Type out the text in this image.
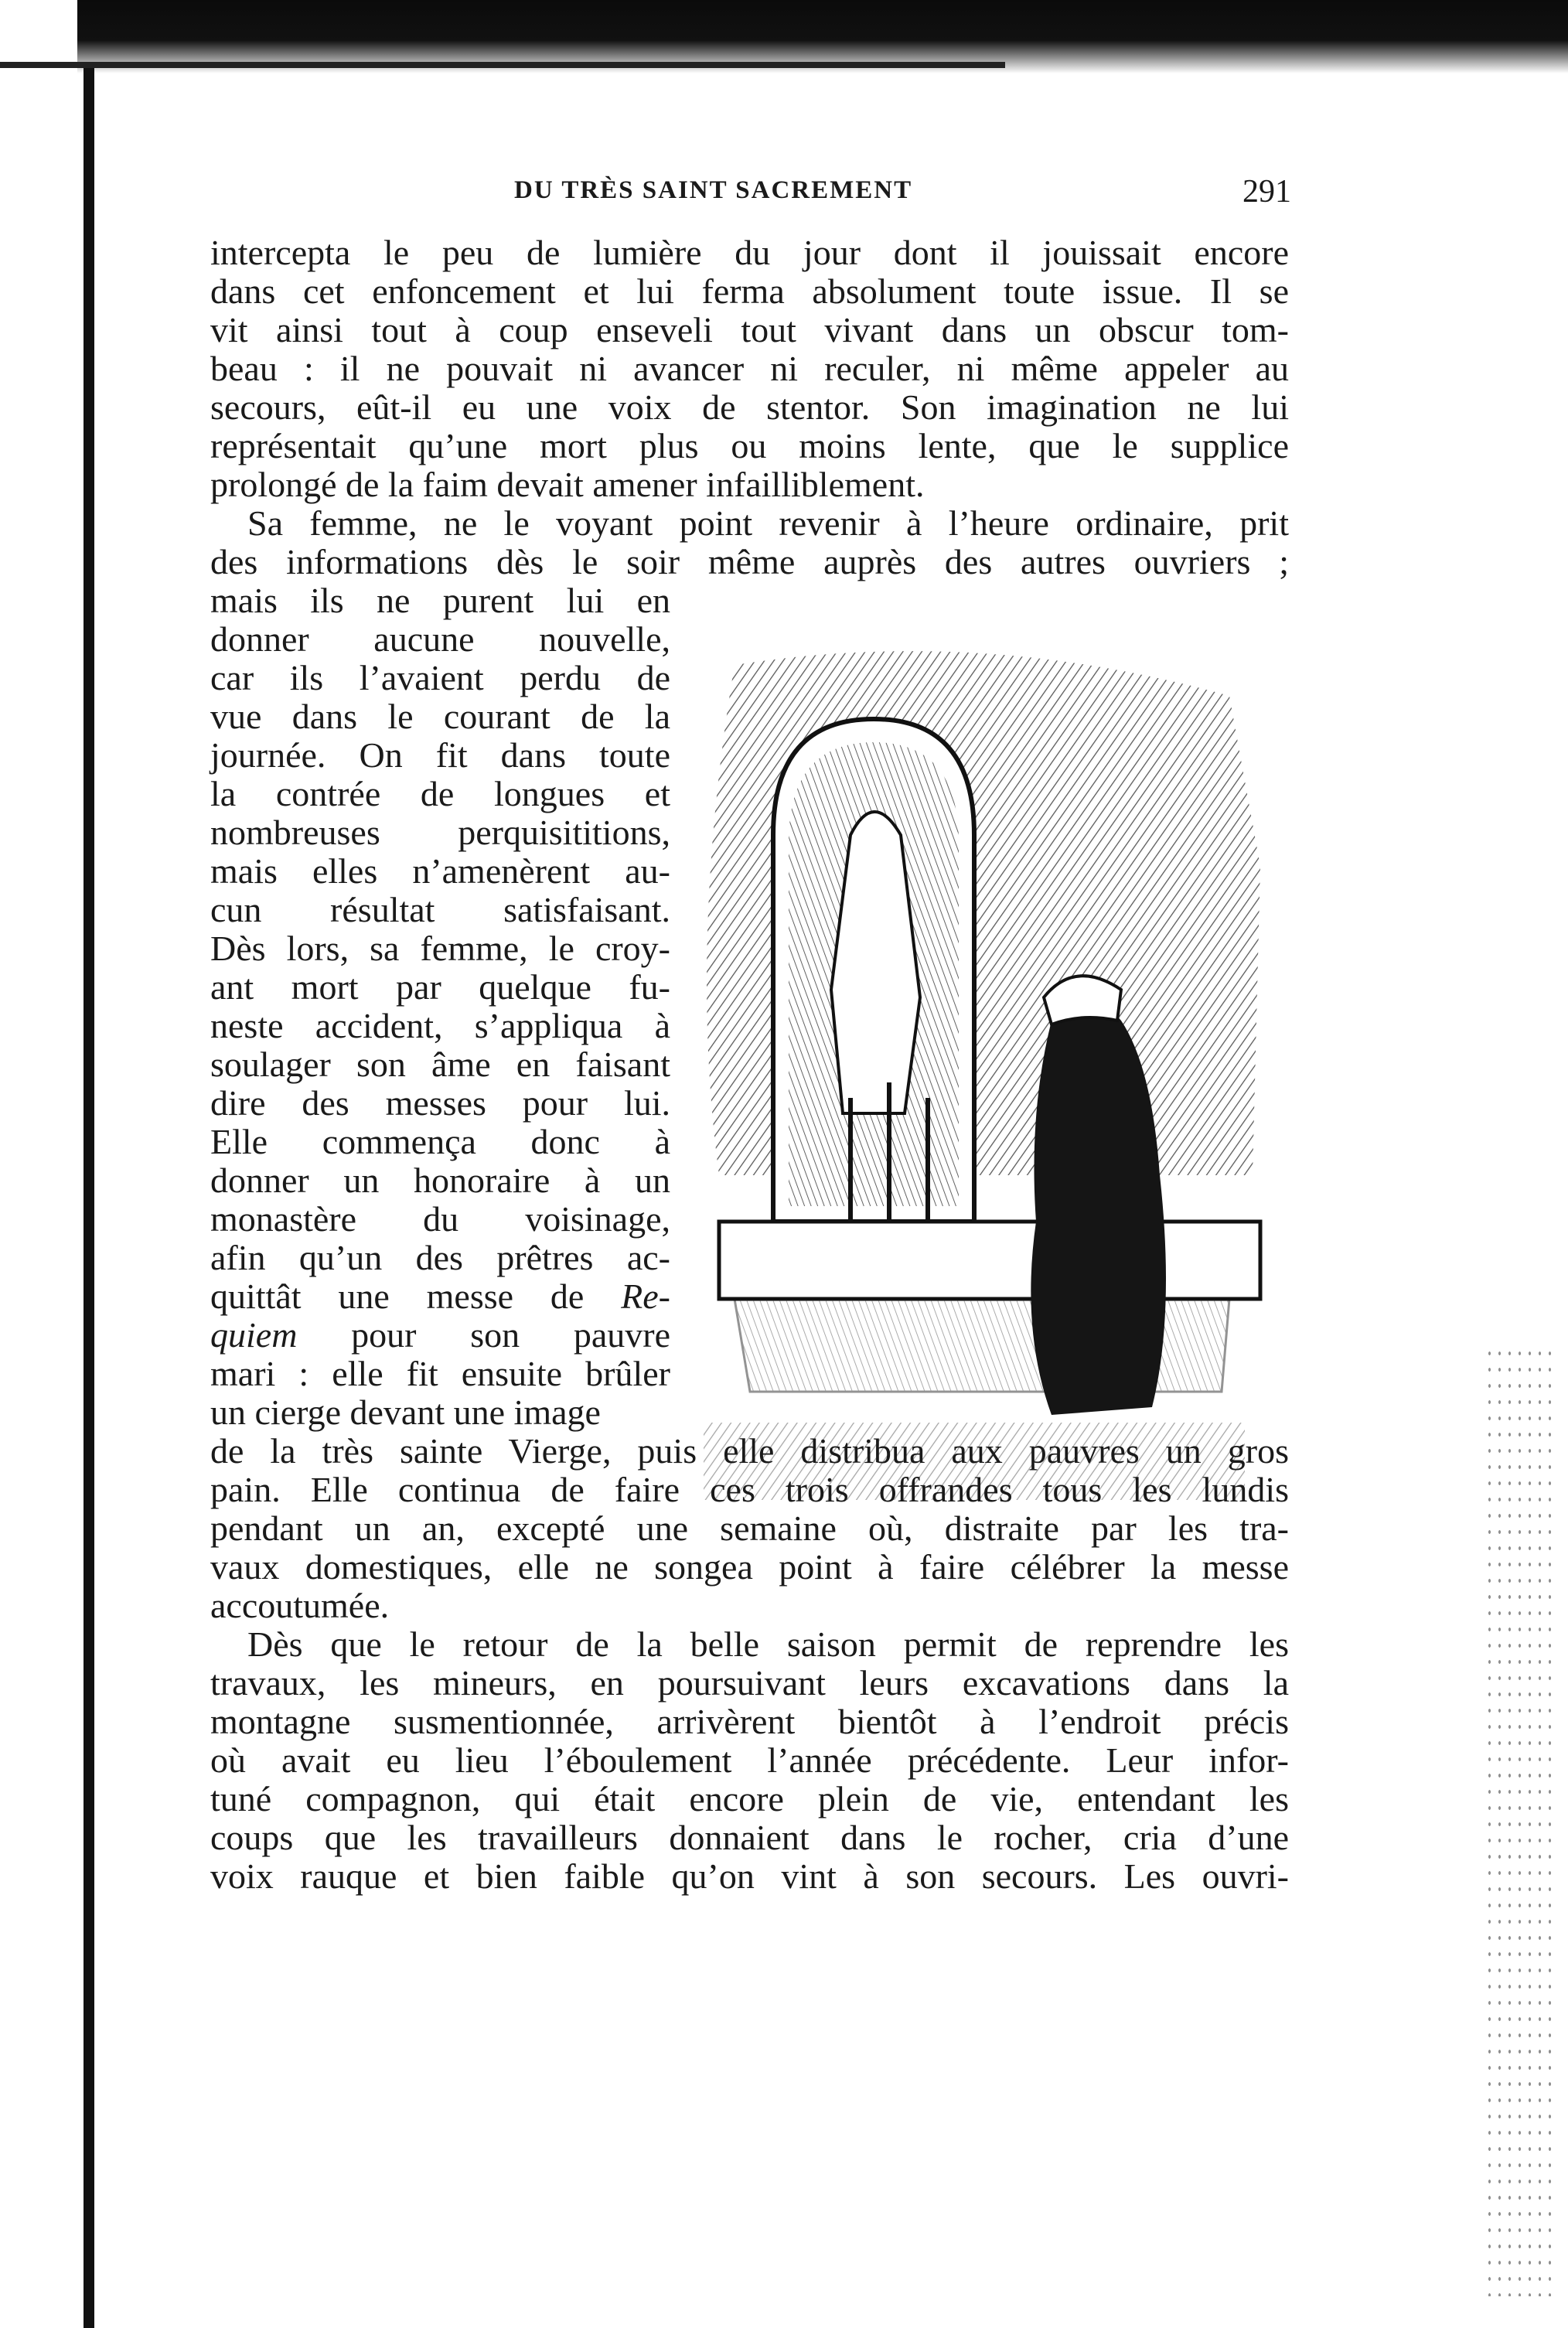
DU TRÈS SAINT SACREMENT	291
intercepta le peu de lumière du jour dont il jouissait encore
dans cet enfoncement et lui ferma absolument toute issue. Il se
vit ainsi tout à coup enseveli tout vivant dans un obscur tom-
beau : il ne pouvait ni avancer ni reculer, ni même appeler au
secours, eût-il eu une voix de stentor. Son imagination ne lui
représentait qu’une mort plus ou moins lente, que le supplice
prolongé de la faim devait amener infailliblement.
Sa femme, ne le voyant point revenir à l’heure ordinaire, prit
des informations dès le soir même auprès des autres ouvriers ;
mais ils ne purent lui en
donner aucune nouvelle,
car ils l’avaient perdu de
vue dans le courant de la
journée. On fit dans toute
la contrée de longues et
nombreuses perquisititions,
mais elles n’amenèrent au-
cun résultat satisfaisant.
Dès lors, sa femme, le croy-
ant mort par quelque fu-
neste accident, s’appliqua à
soulager son âme en faisant
dire des messes pour lui.
Elle commença donc à
donner un honoraire à un
monastère du voisinage,
afin qu’un des prêtres ac-
quittât une messe de Re-
quiem pour son pauvre
mari : elle fit ensuite brûler
un cierge devant une image
de la très sainte Vierge, puis elle distribua aux pauvres un gros
pain. Elle continua de faire ces trois offrandes tous les lundis
pendant un an, excepté une semaine où, distraite par les tra-
vaux domestiques, elle ne songea point à faire célébrer la messe
accoutumée.
Dès que le retour de la belle saison permit de reprendre les
travaux, les mineurs, en poursuivant leurs excavations dans la
montagne susmentionnée, arrivèrent bientôt à l’endroit précis
où avait eu lieu l’éboulement l’année précédente. Leur infor-
tuné compagnon, qui était encore plein de vie, entendant les
coups que les travailleurs donnaient dans le rocher, cria d’une
voix rauque et bien faible qu’on vint à son secours. Les ouvri-
